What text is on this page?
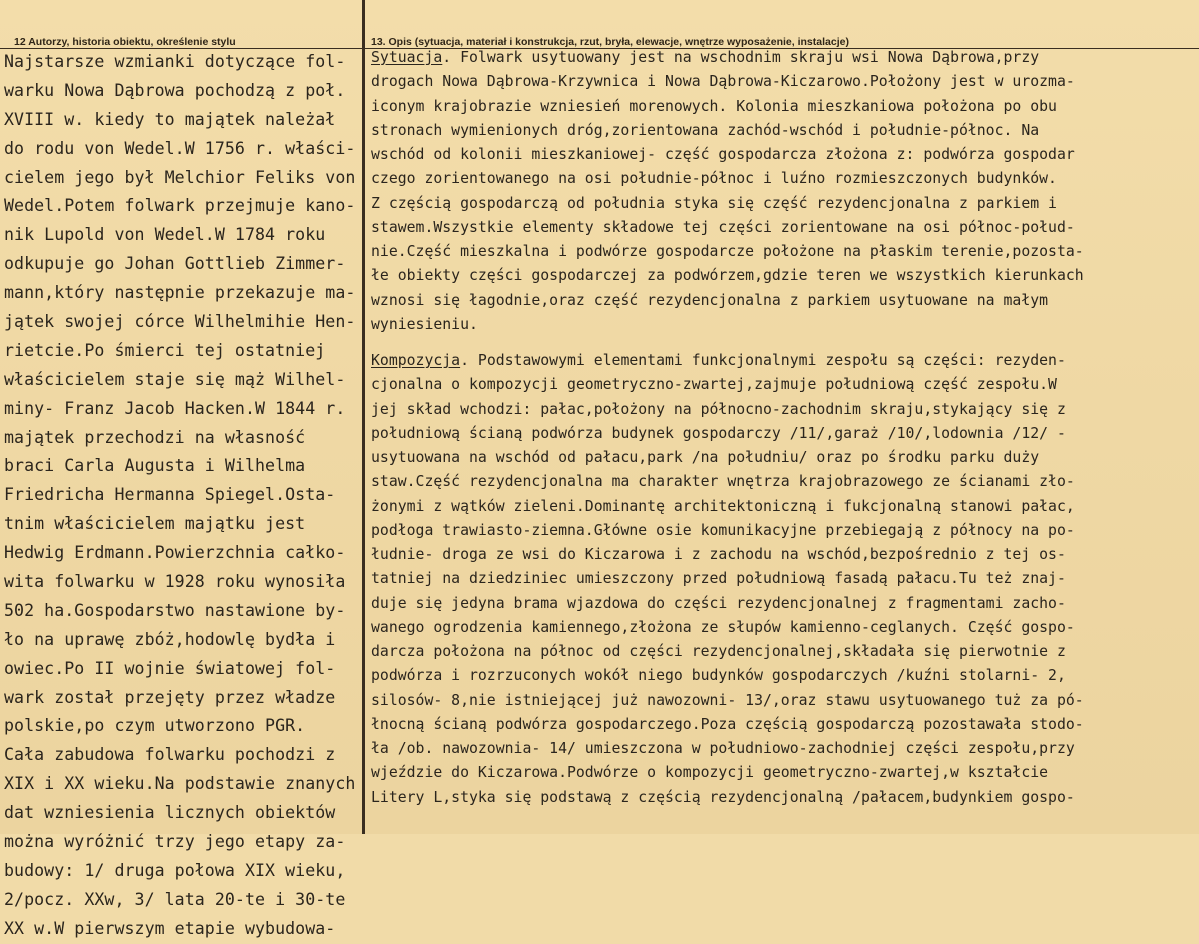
12 Autorzy, historia obiektu, określenie stylu
Najstarsze wzmianki dotyczące fol-
warku Nowa Dąbrowa pochodzą z poł.
XVIII w. kiedy to majątek należał
do rodu von Wedel.W 1756 r. właści-
cielem jego był Melchior Feliks von
Wedel.Potem folwark przejmuje kano-
nik Lupold von Wedel.W 1784 roku
odkupuje go Johan Gottlieb Zimmer-
mann,który następnie przekazuje ma-
jątek swojej córce Wilhelmihie Hen-
rietcie.Po śmierci tej ostatniej
właścicielem staje się mąż Wilhel-
miny- Franz Jacob Hacken.W 1844 r.
majątek przechodzi na własność
braci Carla Augusta i Wilhelma
Friedricha Hermanna Spiegel.Osta-
tnim właścicielem majątku jest
Hedwig Erdmann.Powierzchnia całko-
wita folwarku w 1928 roku wynosiła
502 ha.Gospodarstwo nastawione by-
ło na uprawę zbóż,hodowlę bydła i
owiec.Po II wojnie światowej fol-
wark został przejęty przez władze
polskie,po czym utworzono PGR.
Cała zabudowa folwarku pochodzi z
XIX i XX wieku.Na podstawie znanych
dat wzniesienia licznych obiektów
można wyróżnić trzy jego etapy za-
budowy: 1/ druga połowa XIX wieku,
2/pocz. XXw, 3/ lata 20-te i 30-te
XX w.W pierwszym etapie wybudowa-
13. Opis (sytuacja, materiał i konstrukcja, rzut, bryła, elewacje, wnętrze wyposażenie, instalacje)
Sytuacja. Folwark usytuowany jest na wschodnim skraju wsi Nowa Dąbrowa,przy
drogach Nowa Dąbrowa-Krzywnica i Nowa Dąbrowa-Kiczarowo.Położony jest w urozma-
iconym krajobrazie wzniesień morenowych. Kolonia mieszkaniowa położona po obu
stronach wymienionych dróg,zorientowana zachód-wschód i południe-północ. Na
wschód od kolonii mieszkaniowej- część gospodarcza złożona z: podwórza gospodar
czego zorientowanego na osi południe-północ i luźno rozmieszczonych budynków.
Z częścią gospodarczą od południa styka się część rezydencjonalna z parkiem i
stawem.Wszystkie elementy składowe tej części zorientowane na osi północ-połud-
nie.Część mieszkalna i podwórze gospodarcze położone na płaskim terenie,pozosta-
łe obiekty części gospodarczej za podwórzem,gdzie teren we wszystkich kierunkach
wznosi się łagodnie,oraz część rezydencjonalna z parkiem usytuowane na małym
wyniesieniu.
Kompozycja. Podstawowymi elementami funkcjonalnymi zespołu są części: rezyden-
cjonalna o kompozycji geometryczno-zwartej,zajmuje południową część zespołu.W
jej skład wchodzi: pałac,położony na północno-zachodnim skraju,stykający się z
południową ścianą podwórza budynek gospodarczy /11/,garaż /10/,lodownia /12/ -
usytuowana na wschód od pałacu,park /na południu/ oraz po środku parku duży
staw.Część rezydencjonalna ma charakter wnętrza krajobrazowego ze ścianami zło-
żonymi z wątków zieleni.Dominantę architektoniczną i fukcjonalną stanowi pałac,
podłoga trawiasto-ziemna.Główne osie komunikacyjne przebiegają z północy na po-
łudnie- droga ze wsi do Kiczarowa i z zachodu na wschód,bezpośrednio z tej os-
tatniej na dziedziniec umieszczony przed południową fasadą pałacu.Tu też znaj-
duje się jedyna brama wjazdowa do części rezydencjonalnej z fragmentami zacho-
wanego ogrodzenia kamiennego,złożona ze słupów kamienno-ceglanych. Część gospo-
darcza położona na północ od części rezydencjonalnej,składała się pierwotnie z
podwórza i rozrzuconych wokół niego budynków gospodarczych /kuźni stolarni- 2,
silosów- 8,nie istniejącej już nawozowni- 13/,oraz stawu usytuowanego tuż za pó-
łnocną ścianą podwórza gospodarczego.Poza częścią gospodarczą pozostawała stodo-
ła /ob. nawozownia- 14/ umieszczona w południowo-zachodniej części zespołu,przy
wjeździe do Kiczarowa.Podwórze o kompozycji geometryczno-zwartej,w kształcie
Litery L,styka się podstawą z częścią rezydencjonalną /pałacem,budynkiem gospo-
